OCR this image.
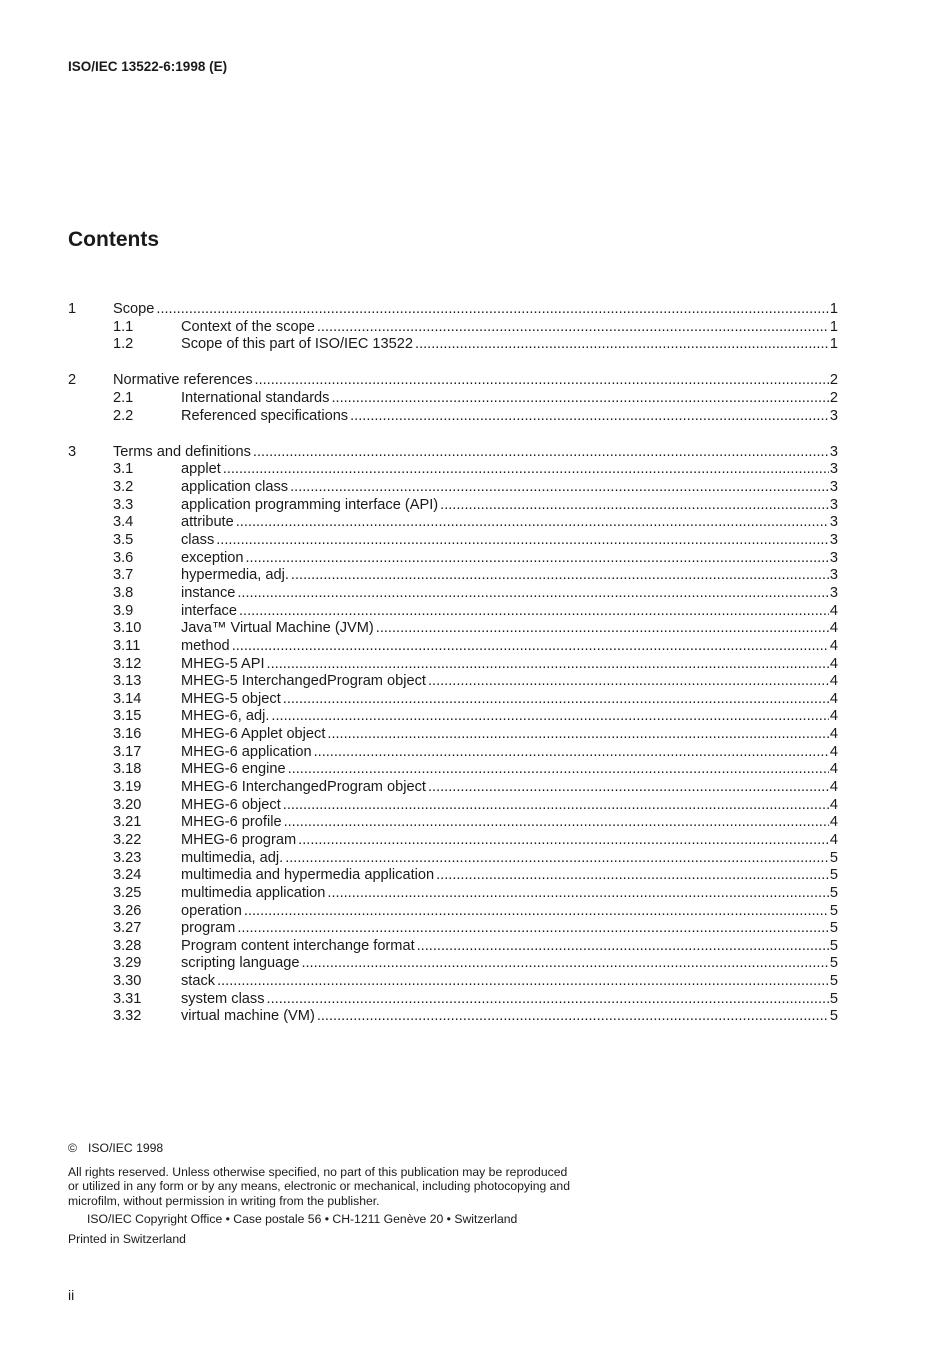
ISO/IEC 13522-6:1998 (E)
Contents
1	Scope .....	1
1.1	Context of the scope .....	1
1.2	Scope of this part of ISO/IEC 13522 .....	1
2	Normative references .....	2
2.1	International standards .....	2
2.2	Referenced specifications .....	3
3	Terms and definitions .....	3
3.1	applet .....	3
3.2	application class .....	3
3.3	application programming interface (API) .....	3
3.4	attribute .....	3
3.5	class .....	3
3.6	exception .....	3
3.7	hypermedia, adj. .....	3
3.8	instance .....	3
3.9	interface .....	4
3.10	Java™ Virtual Machine (JVM) .....	4
3.11	method .....	4
3.12	MHEG-5 API .....	4
3.13	MHEG-5 InterchangedProgram object .....	4
3.14	MHEG-5 object .....	4
3.15	MHEG-6, adj. .....	4
3.16	MHEG-6 Applet object .....	4
3.17	MHEG-6 application .....	4
3.18	MHEG-6 engine .....	4
3.19	MHEG-6 InterchangedProgram object .....	4
3.20	MHEG-6 object .....	4
3.21	MHEG-6 profile .....	4
3.22	MHEG-6 program .....	4
3.23	multimedia, adj. .....	5
3.24	multimedia and hypermedia application .....	5
3.25	multimedia application .....	5
3.26	operation .....	5
3.27	program .....	5
3.28	Program content interchange format .....	5
3.29	scripting language .....	5
3.30	stack .....	5
3.31	system class .....	5
3.32	virtual machine (VM) .....	5
© ISO/IEC 1998
All rights reserved. Unless otherwise specified, no part of this publication may be reproduced
or utilized in any form or by any means, electronic or mechanical, including photocopying and
microfilm, without permission in writing from the publisher.
ISO/IEC Copyright Office • Case postale 56 • CH-1211 Genève 20 • Switzerland
Printed in Switzerland
ii
